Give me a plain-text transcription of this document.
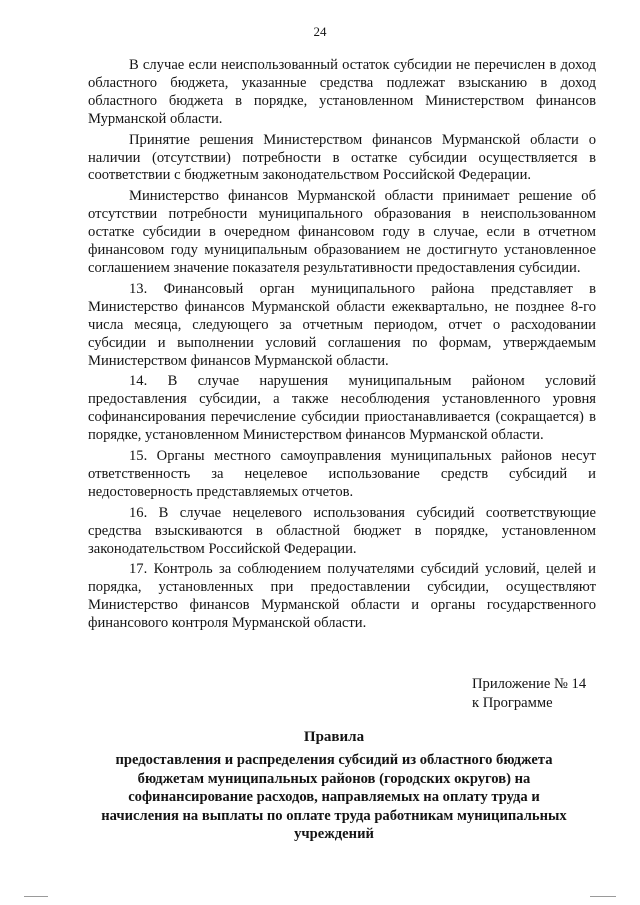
24

В случае если неиспользованный остаток субсидии не перечислен в доход областного бюджета, указанные средства подлежат взысканию в доход областного бюджета в порядке, установленном Министерством финансов Мурманской области.

Принятие решения Министерством финансов Мурманской области о наличии (отсутствии) потребности в остатке субсидии осуществляется в соответствии с бюджетным законодательством Российской Федерации.

Министерство финансов Мурманской области принимает решение об отсутствии потребности муниципального образования в неиспользованном остатке субсидии в очередном финансовом году в случае, если в отчетном финансовом году муниципальным образованием не достигнуто установленное соглашением значение показателя результативности предоставления субсидии.

13. Финансовый орган муниципального района представляет в Министерство финансов Мурманской области ежеквартально, не позднее 8-го числа месяца, следующего за отчетным периодом, отчет о расходовании субсидии и выполнении условий соглашения по формам, утверждаемым Министерством финансов Мурманской области.

14. В случае нарушения муниципальным районом условий предоставления субсидии, а также несоблюдения установленного уровня софинансирования перечисление субсидии приостанавливается (сокращается) в порядке, установленном Министерством финансов Мурманской области.

15. Органы местного самоуправления муниципальных районов несут ответственность за нецелевое использование средств субсидий и недостоверность представляемых отчетов.

16. В случае нецелевого использования субсидий соответствующие средства взыскиваются в областной бюджет в порядке, установленном законодательством Российской Федерации.

17. Контроль за соблюдением получателями субсидий условий, целей и порядка, установленных при предоставлении субсидии, осуществляют Министерство финансов Мурманской области и органы государственного финансового контроля Мурманской области.

Приложение № 14
к Программе

Правила

предоставления и распределения субсидий из областного бюджета бюджетам муниципальных районов (городских округов) на софинансирование расходов, направляемых на оплату труда и начисления на выплаты по оплате труда работникам муниципальных учреждений
